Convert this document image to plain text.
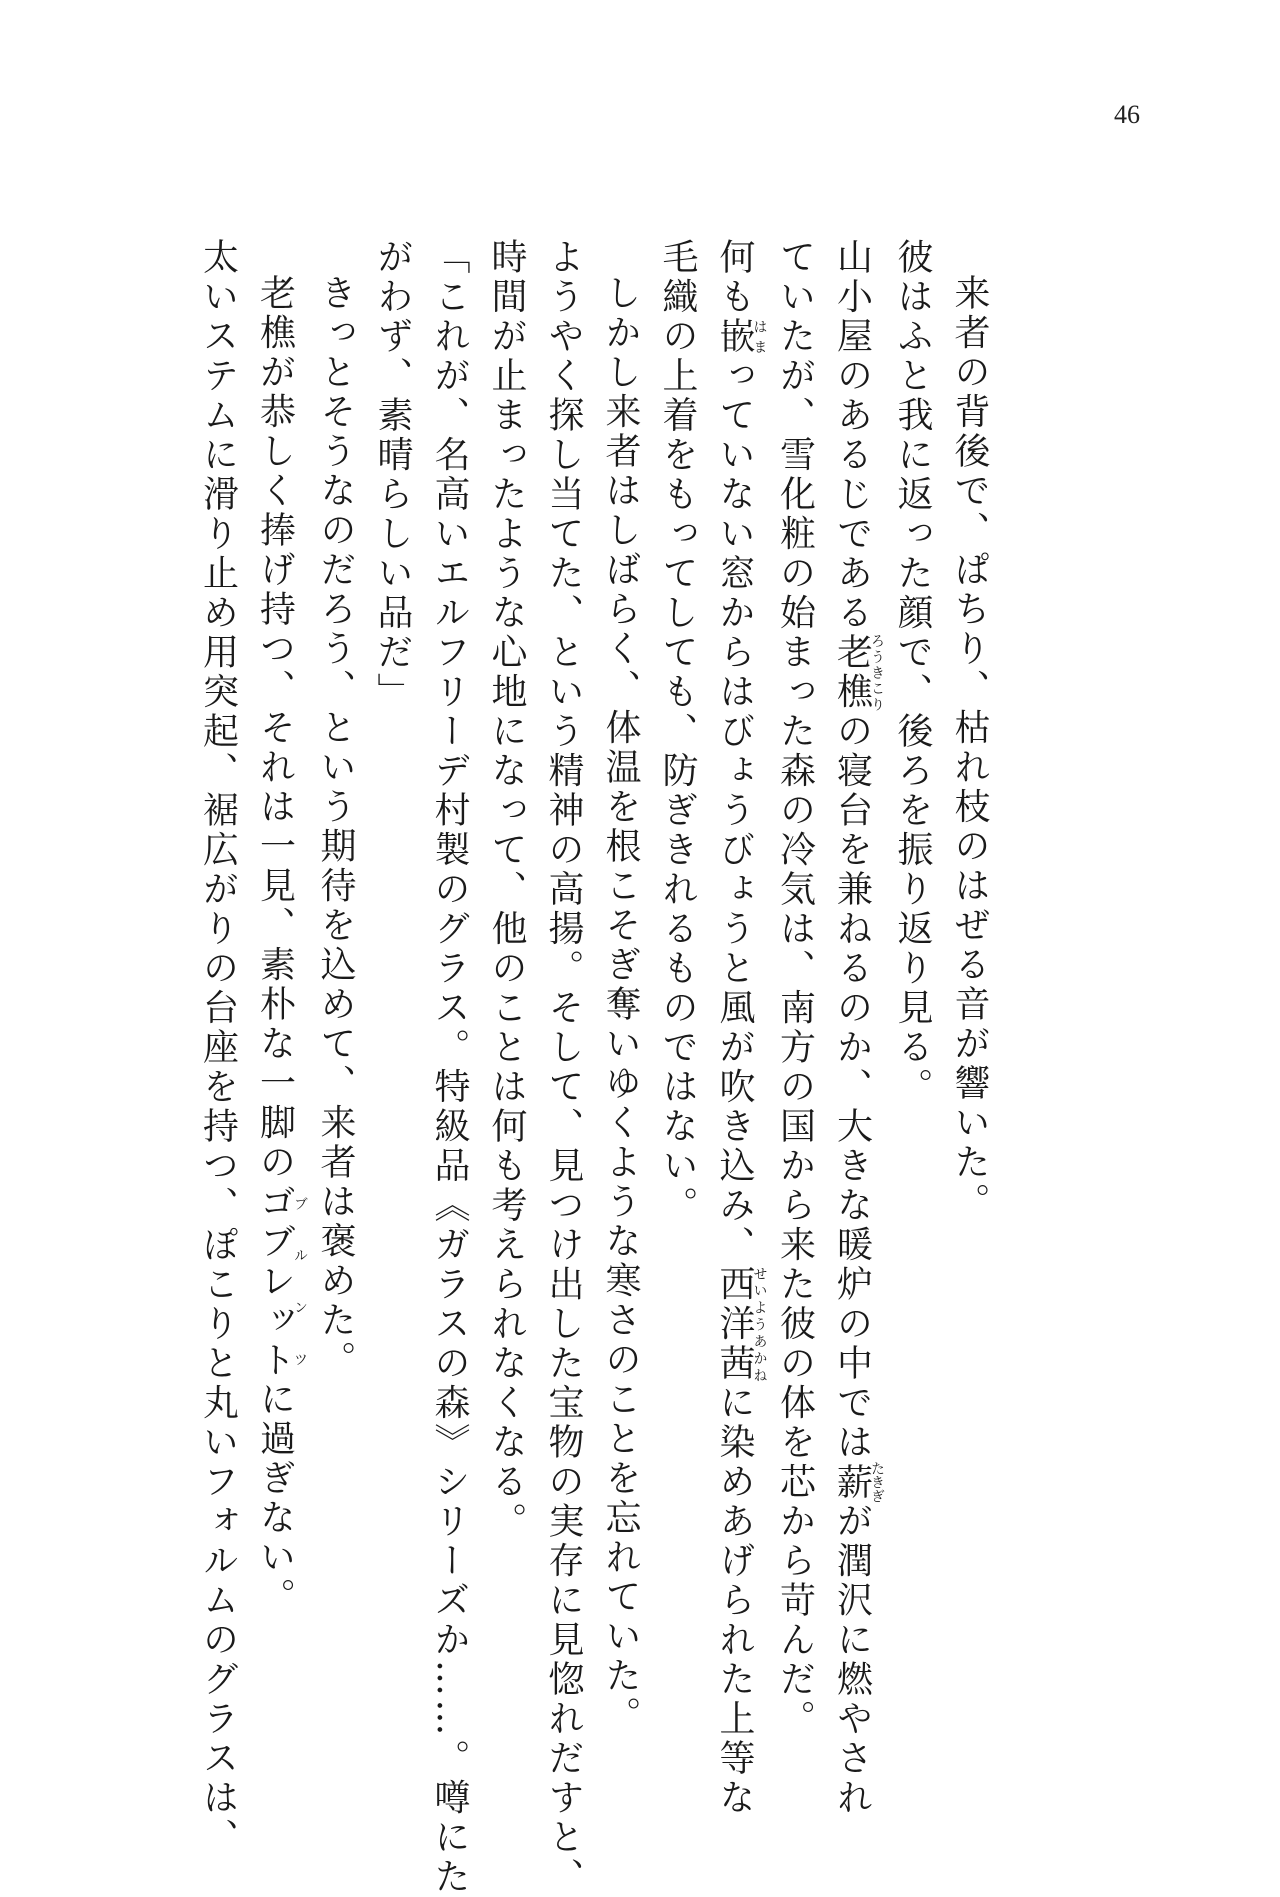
46

来者の背後で、ぱちり、枯れ枝のはぜる音が響いた。

彼はふと我に返った顔で、後ろを振り返り見る。

山小屋のあるじである老樵ろうきこりの寝台を兼ねるのか、大きな暖炉の中では薪たきぎが潤沢に燃やされ

ていたが、雪化粧の始まった森の冷気は、南方の国から来た彼の体を芯から苛んだ。

何も嵌はまっていない窓からはびょうびょうと風が吹き込み、西洋茜せいようあかねに染めあげられた上等な

毛織の上着をもってしても、防ぎきれるものではない。

しかし来者はしばらく、体温を根こそぎ奪いゆくような寒さのことを忘れていた。

ようやく探し当てた、という精神の高揚。そして、見つけ出した宝物の実存に見惚れだすと、

時間が止まったような心地になって、他のことは何も考えられなくなる。

「これが、名高いエルフリーデ村製のグラス。特級品《ガラスの森》シリーズか……。噂にた

がわず、素晴らしい品だ」

きっとそうなのだろう、という期待を込めて、来者は褒めた。

老樵が恭しく捧げ持つ、それは一見、素朴な一脚のゴブレットブルンツに過ぎない。

太いステムに滑り止め用突起、裾広がりの台座を持つ、ぽこりと丸いフォルムのグラスは、
